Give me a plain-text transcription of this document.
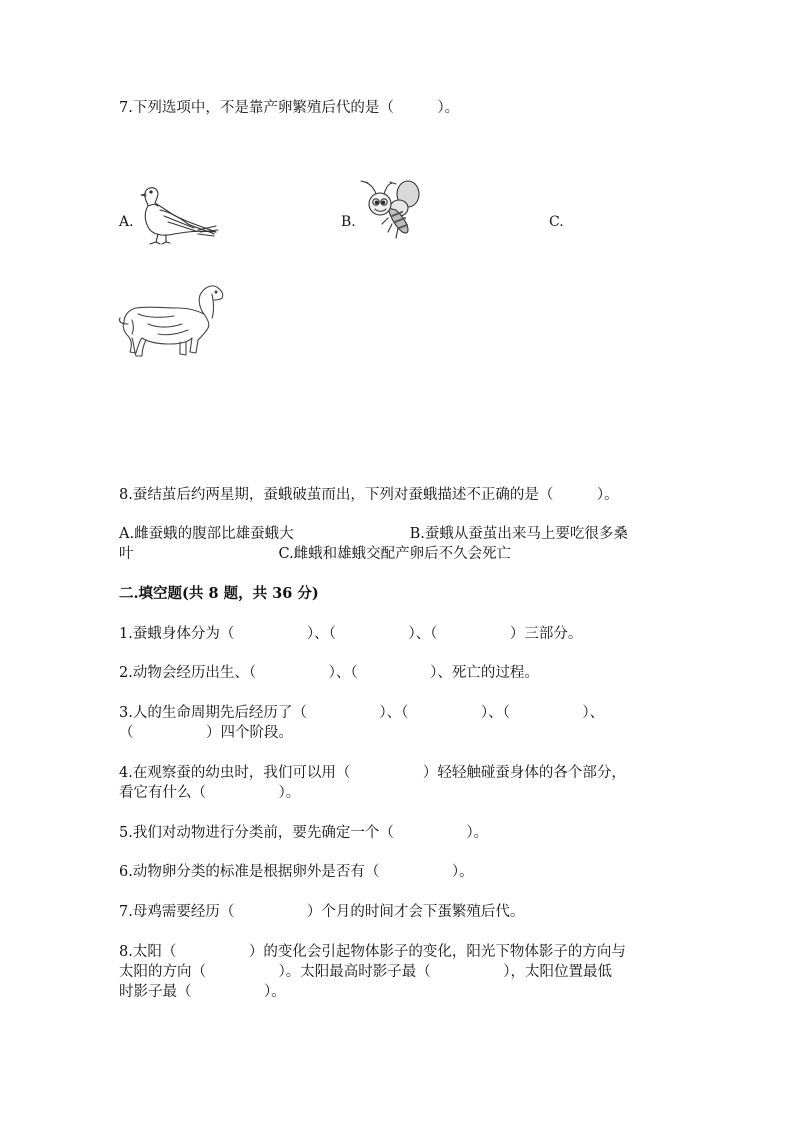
7.下列选项中，不是靠产卵繁殖后代的是（　　　）。
A.	B.	C.
8.蚕结茧后约两星期，蚕蛾破茧而出，下列对蚕蛾描述不正确的是（　　　）。
A.雌蚕蛾的腹部比雄蚕蛾大　　　　　　　　B.蚕蛾从蚕茧出来马上要吃很多桑
叶　　　　　　　　　　C.雌蛾和雄蛾交配产卵后不久会死亡
二.填空题(共 8 题，共 36 分)
1.蚕蛾身体分为（　　　　　）、（　　　　　）、（　　　　　）三部分。
2.动物会经历出生、（　　　　　）、（　　　　　）、死亡的过程。
3.人的生命周期先后经历了（　　　　　）、（　　　　　）、（　　　　　）、
（　　　　　）四个阶段。
4.在观察蚕的幼虫时，我们可以用（　　　　　）轻轻触碰蚕身体的各个部分，
看它有什么（　　　　　）。
5.我们对动物进行分类前，要先确定一个（　　　　　）。
6.动物卵分类的标准是根据卵外是否有（　　　　　）。
7.母鸡需要经历（　　　　　）个月的时间才会下蛋繁殖后代。
8.太阳（　　　　　）的变化会引起物体影子的变化，阳光下物体影子的方向与
太阳的方向（　　　　　）。太阳最高时影子最（　　　　　），太阳位置最低
时影子最（　　　　　）。
